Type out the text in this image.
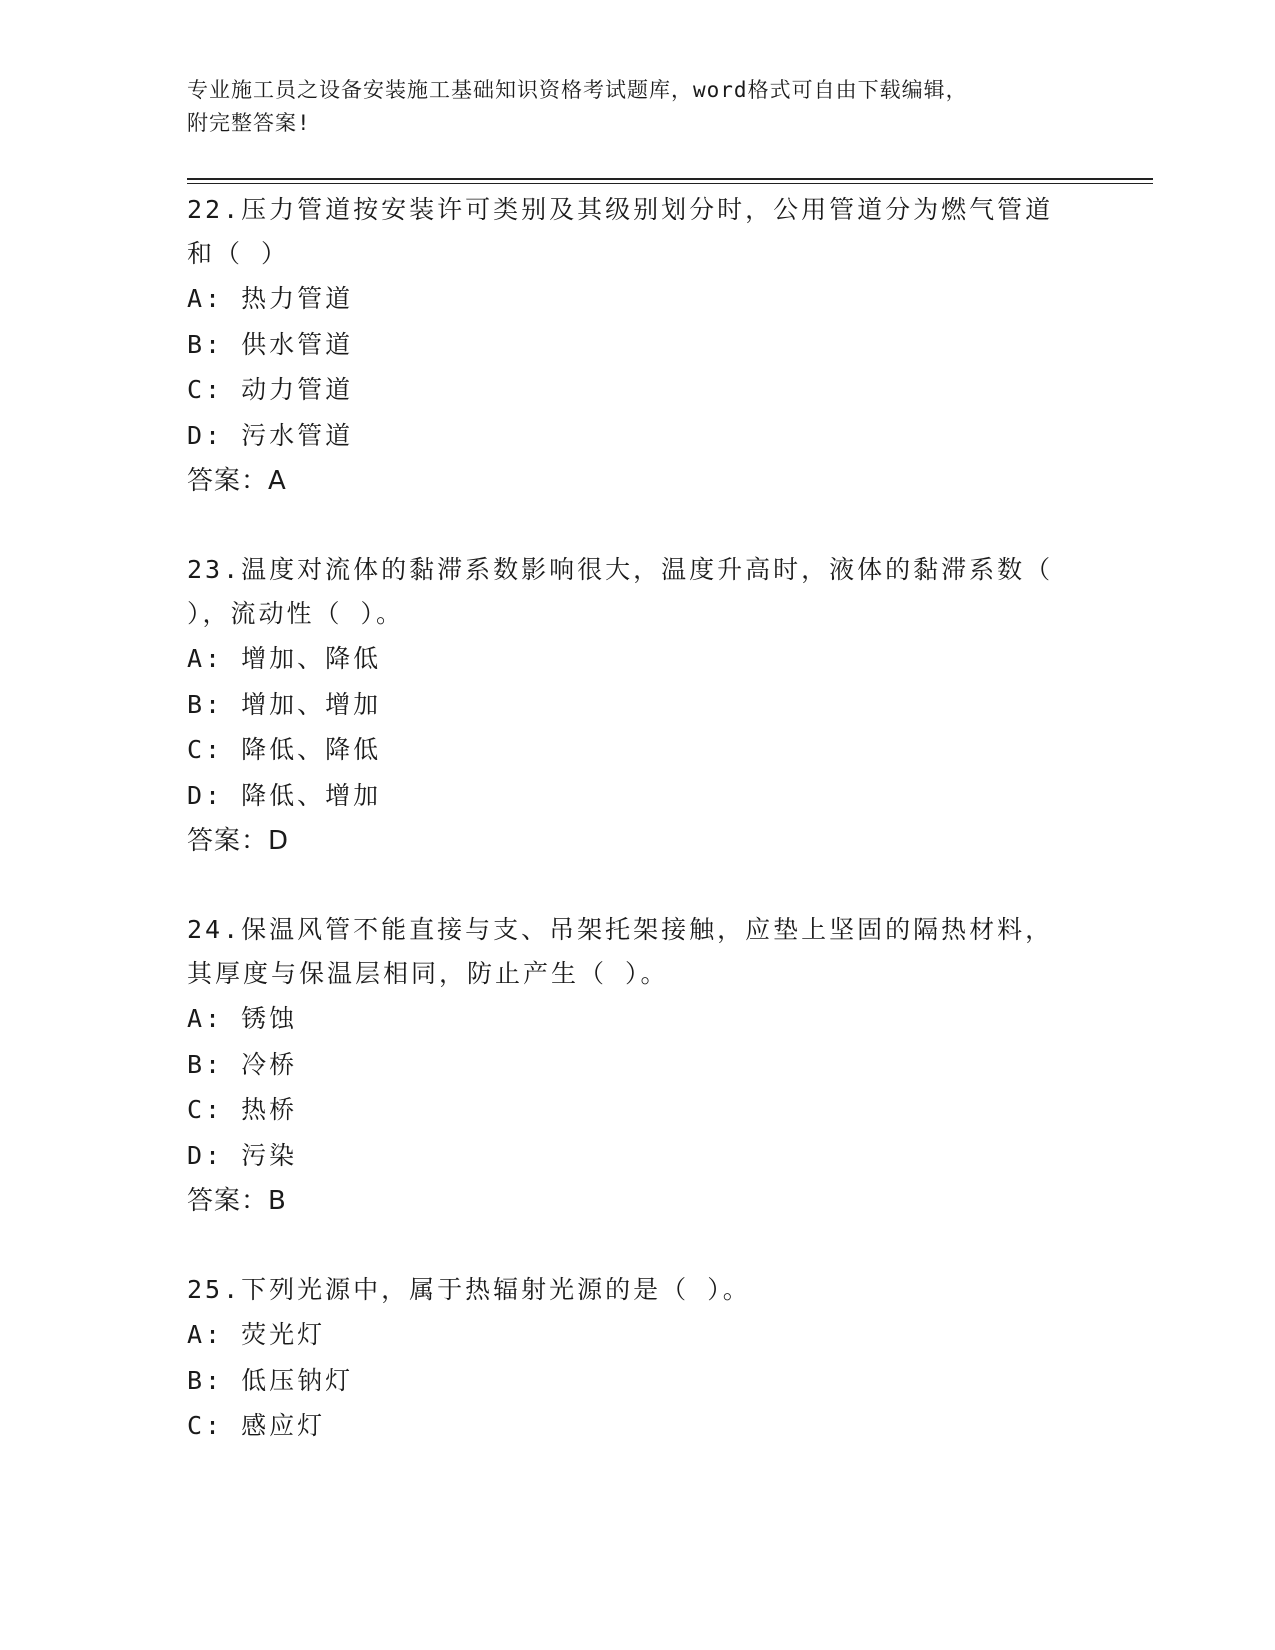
专业施工员之设备安装施工基础知识资格考试题库，word格式可自由下载编辑，
附完整答案!
22.压力管道按安装许可类别及其级别划分时，公用管道分为燃气管道
和（ ）
A: 热力管道
B: 供水管道
C: 动力管道
D: 污水管道
答案：A
23.温度对流体的黏滞系数影响很大，温度升高时，液体的黏滞系数（
），流动性（ ）。
A: 增加、降低
B: 增加、增加
C: 降低、降低
D: 降低、增加
答案：D
24.保温风管不能直接与支、吊架托架接触，应垫上坚固的隔热材料，
其厚度与保温层相同，防止产生（ ）。
A: 锈蚀
B: 冷桥
C: 热桥
D: 污染
答案：B
25.下列光源中，属于热辐射光源的是（ ）。
A: 荧光灯
B: 低压钠灯
C: 感应灯
